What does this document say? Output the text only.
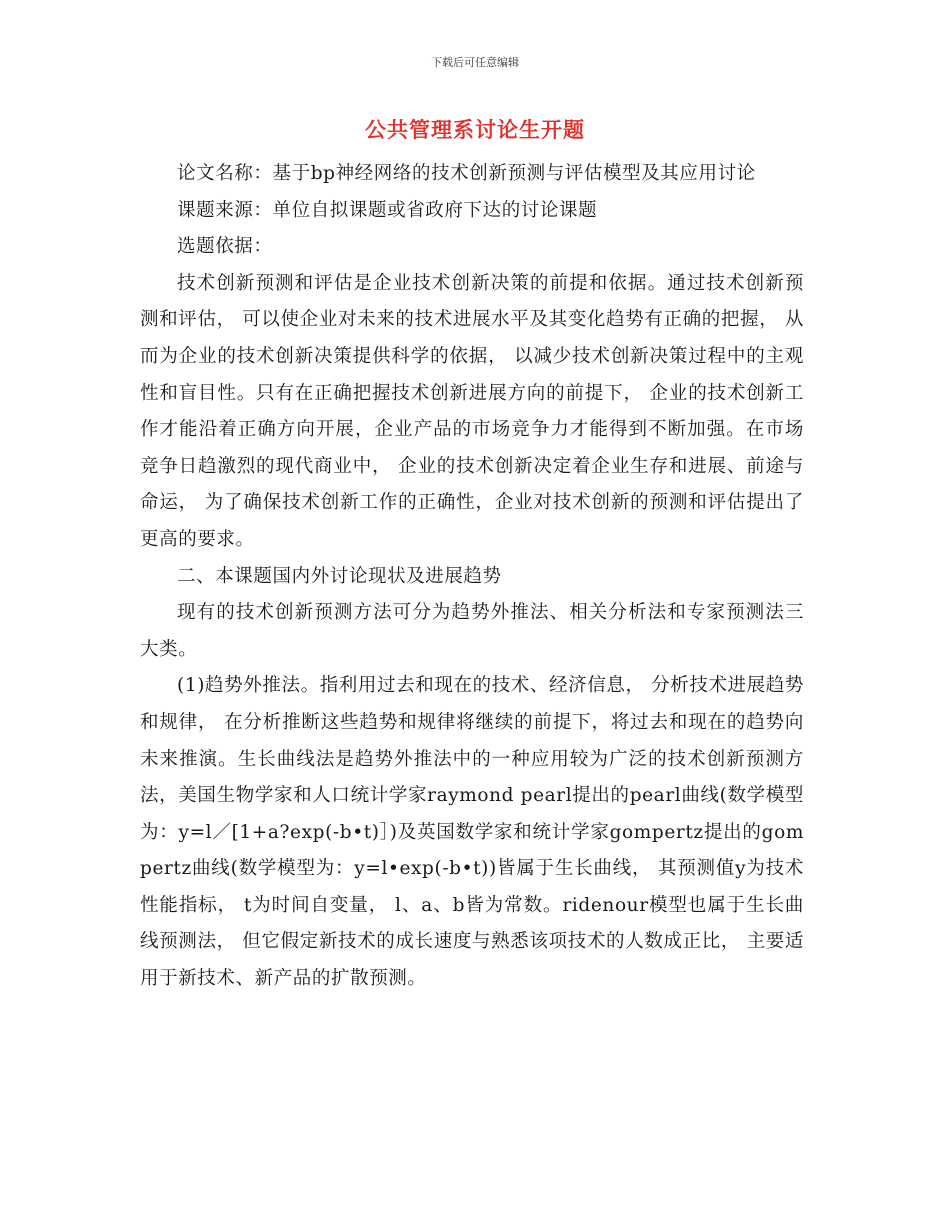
下载后可任意编辑
公共管理系讨论生开题

论文名称：基于bp神经网络的技术创新预测与评估模型及其应用讨论

课题来源：单位自拟课题或省政府下达的讨论课题

选题依据：

技术创新预测和评估是企业技术创新决策的前提和依据。通过技术创新预测和评估， 可以使企业对未来的技术进展水平及其变化趋势有正确的把握， 从而为企业的技术创新决策提供科学的依据， 以减少技术创新决策过程中的主观性和盲目性。只有在正确把握技术创新进展方向的前提下， 企业的技术创新工作才能沿着正确方向开展，企业产品的市场竞争力才能得到不断加强。在市场竞争日趋激烈的现代商业中， 企业的技术创新决定着企业生存和进展、前途与命运， 为了确保技术创新工作的正确性，企业对技术创新的预测和评估提出了更高的要求。

二、本课题国内外讨论现状及进展趋势

现有的技术创新预测方法可分为趋势外推法、相关分析法和专家预测法三大类。

(1)趋势外推法。指利用过去和现在的技术、经济信息， 分析技术进展趋势和规律， 在分析推断这些趋势和规律将继续的前提下，将过去和现在的趋势向未来推演。生长曲线法是趋势外推法中的一种应用较为广泛的技术创新预测方法，美国生物学家和人口统计学家raymond pearl提出的pearl曲线(数学模型为：y=l／[1+a?exp(-b•t)］)及英国数学家和统计学家gompertz提出的gompertz曲线(数学模型为：y=l•exp(-b•t))皆属于生长曲线， 其预测值y为技术性能指标， t为时间自变量， l、a、b皆为常数。ridenour模型也属于生长曲线预测法， 但它假定新技术的成长速度与熟悉该项技术的人数成正比， 主要适用于新技术、新产品的扩散预测。
